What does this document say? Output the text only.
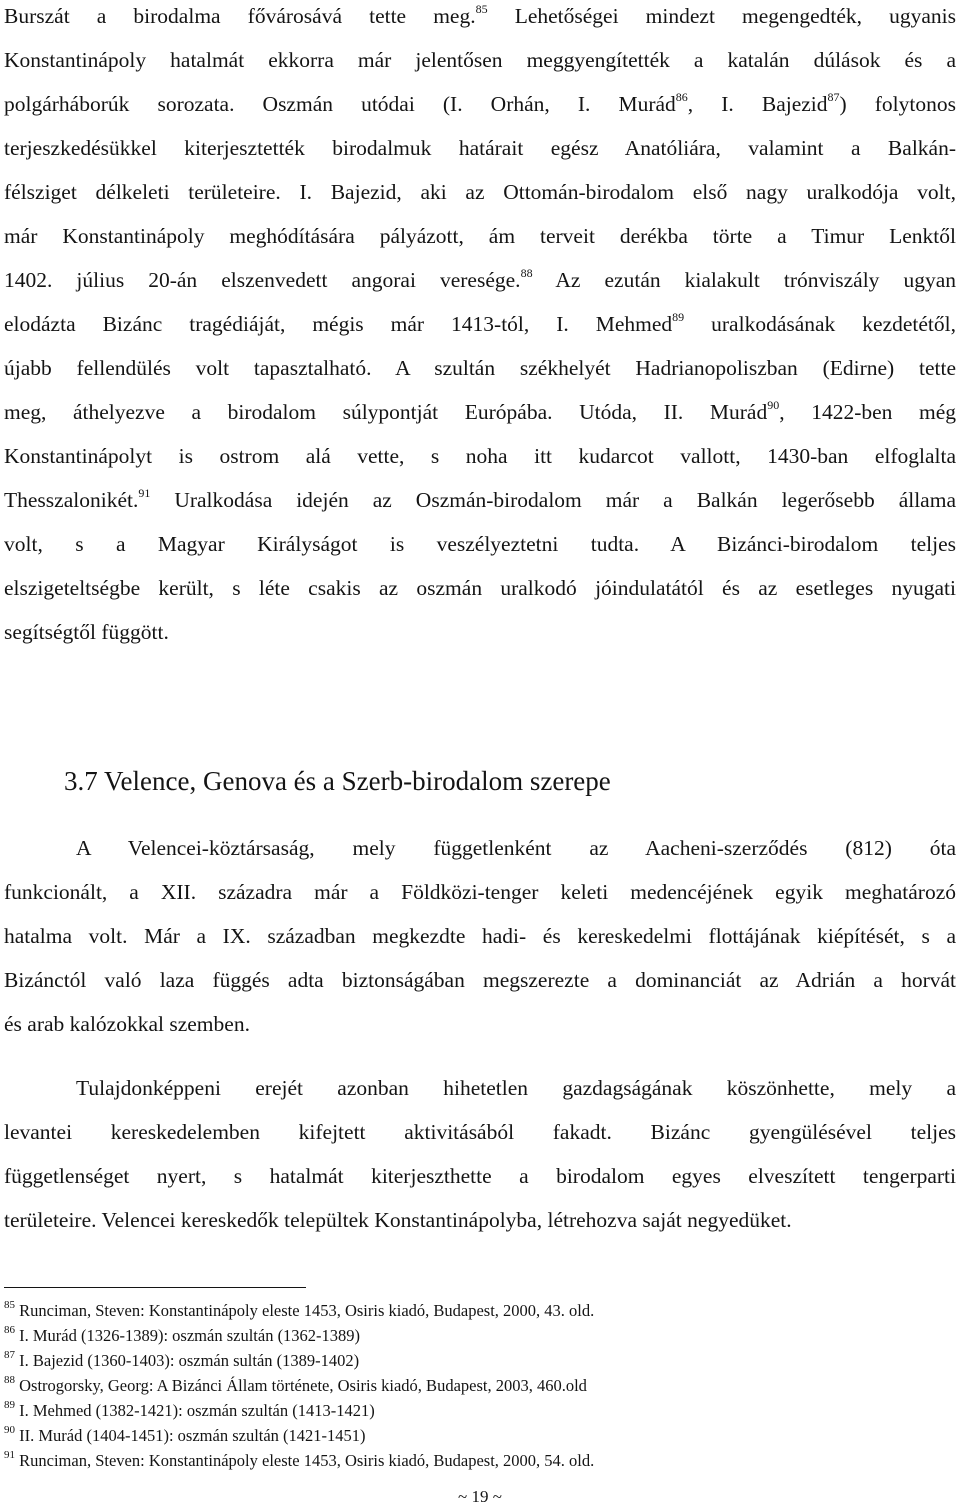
Burszát a birodalma fővárosává tette meg.$^{85}$ Lehetőségei mindezt megengedték, ugyanis
Konstantinápoly hatalmát ekkorra már jelentősen meggyengítették a katalán dúlások és a
polgárháborúk sorozata. Oszmán utódai (I. Orhán, I. Murád$^{86}$, I. Bajezid$^{87}$) folytonos
terjeszkedésükkel kiterjesztették birodalmuk határait egész Anatóliára, valamint a Balkán-
félsziget délkeleti területeire. I. Bajezid, aki az Ottomán-birodalom első nagy uralkodója volt,
már Konstantinápoly meghódítására pályázott, ám terveit derékba törte a Timur Lenktől
1402. július 20-án elszenvedett angorai veresége.$^{88}$ Az ezután kialakult trónviszály ugyan
elodázta Bizánc tragédiáját, mégis már 1413-tól, I. Mehmed$^{89}$ uralkodásának kezdetétől,
újabb fellendülés volt tapasztalható. A szultán székhelyét Hadrianopoliszban (Edirne) tette
meg, áthelyezve a birodalom súlypontját Európába. Utóda, II. Murád$^{90}$, 1422-ben még
Konstantinápolyt is ostrom alá vette, s noha itt kudarcot vallott, 1430-ban elfoglalta
Thesszalonikét.$^{91}$ Uralkodása idején az Oszmán-birodalom már a Balkán legerősebb állama
volt, s a Magyar Királyságot is veszélyeztetni tudta. A Bizánci-birodalom teljes
elszigeteltségbe került, s léte csakis az oszmán uralkodó jóindulatától és az esetleges nyugati
segítségtől függött.
A Velencei-köztársaság, mely függetlenként az Aacheni-szerződés (812) óta
funkcionált, a XII. századra már a Földközi-tenger keleti medencéjének egyik meghatározó
hatalma volt. Már a IX. században megkezdte hadi- és kereskedelmi flottájának kiépítését, s a
Bizánctól való laza függés adta biztonságában megszerezte a dominanciát az Adrián a horvát
és arab kalózokkal szemben.
Tulajdonképpeni erejét azonban hihetetlen gazdagságának köszönhette, mely a
levantei kereskedelemben kifejtett aktivitásából fakadt. Bizánc gyengülésével teljes
függetlenséget nyert, s hatalmát kiterjeszthette a birodalom egyes elveszített tengerparti
területeire. Velencei kereskedők települtek Konstantinápolyba, létrehozva saját negyedüket.
3.7 Velence, Genova és a Szerb-birodalom szerepe
$^{85}$ Runciman, Steven: Konstantinápoly eleste 1453, Osiris kiadó, Budapest, 2000, 43. old.
$^{86}$ I. Murád (1326-1389): oszmán szultán (1362-1389)
$^{87}$ I. Bajezid (1360-1403): oszmán sultán (1389-1402)
$^{88}$ Ostrogorsky, Georg: A Bizánci Állam története, Osiris kiadó, Budapest, 2003, 460.old
$^{89}$ I. Mehmed (1382-1421): oszmán szultán (1413-1421)
$^{90}$ II. Murád (1404-1451): oszmán szultán (1421-1451)
$^{91}$ Runciman, Steven: Konstantinápoly eleste 1453, Osiris kiadó, Budapest, 2000, 54. old.
~ 19 ~
